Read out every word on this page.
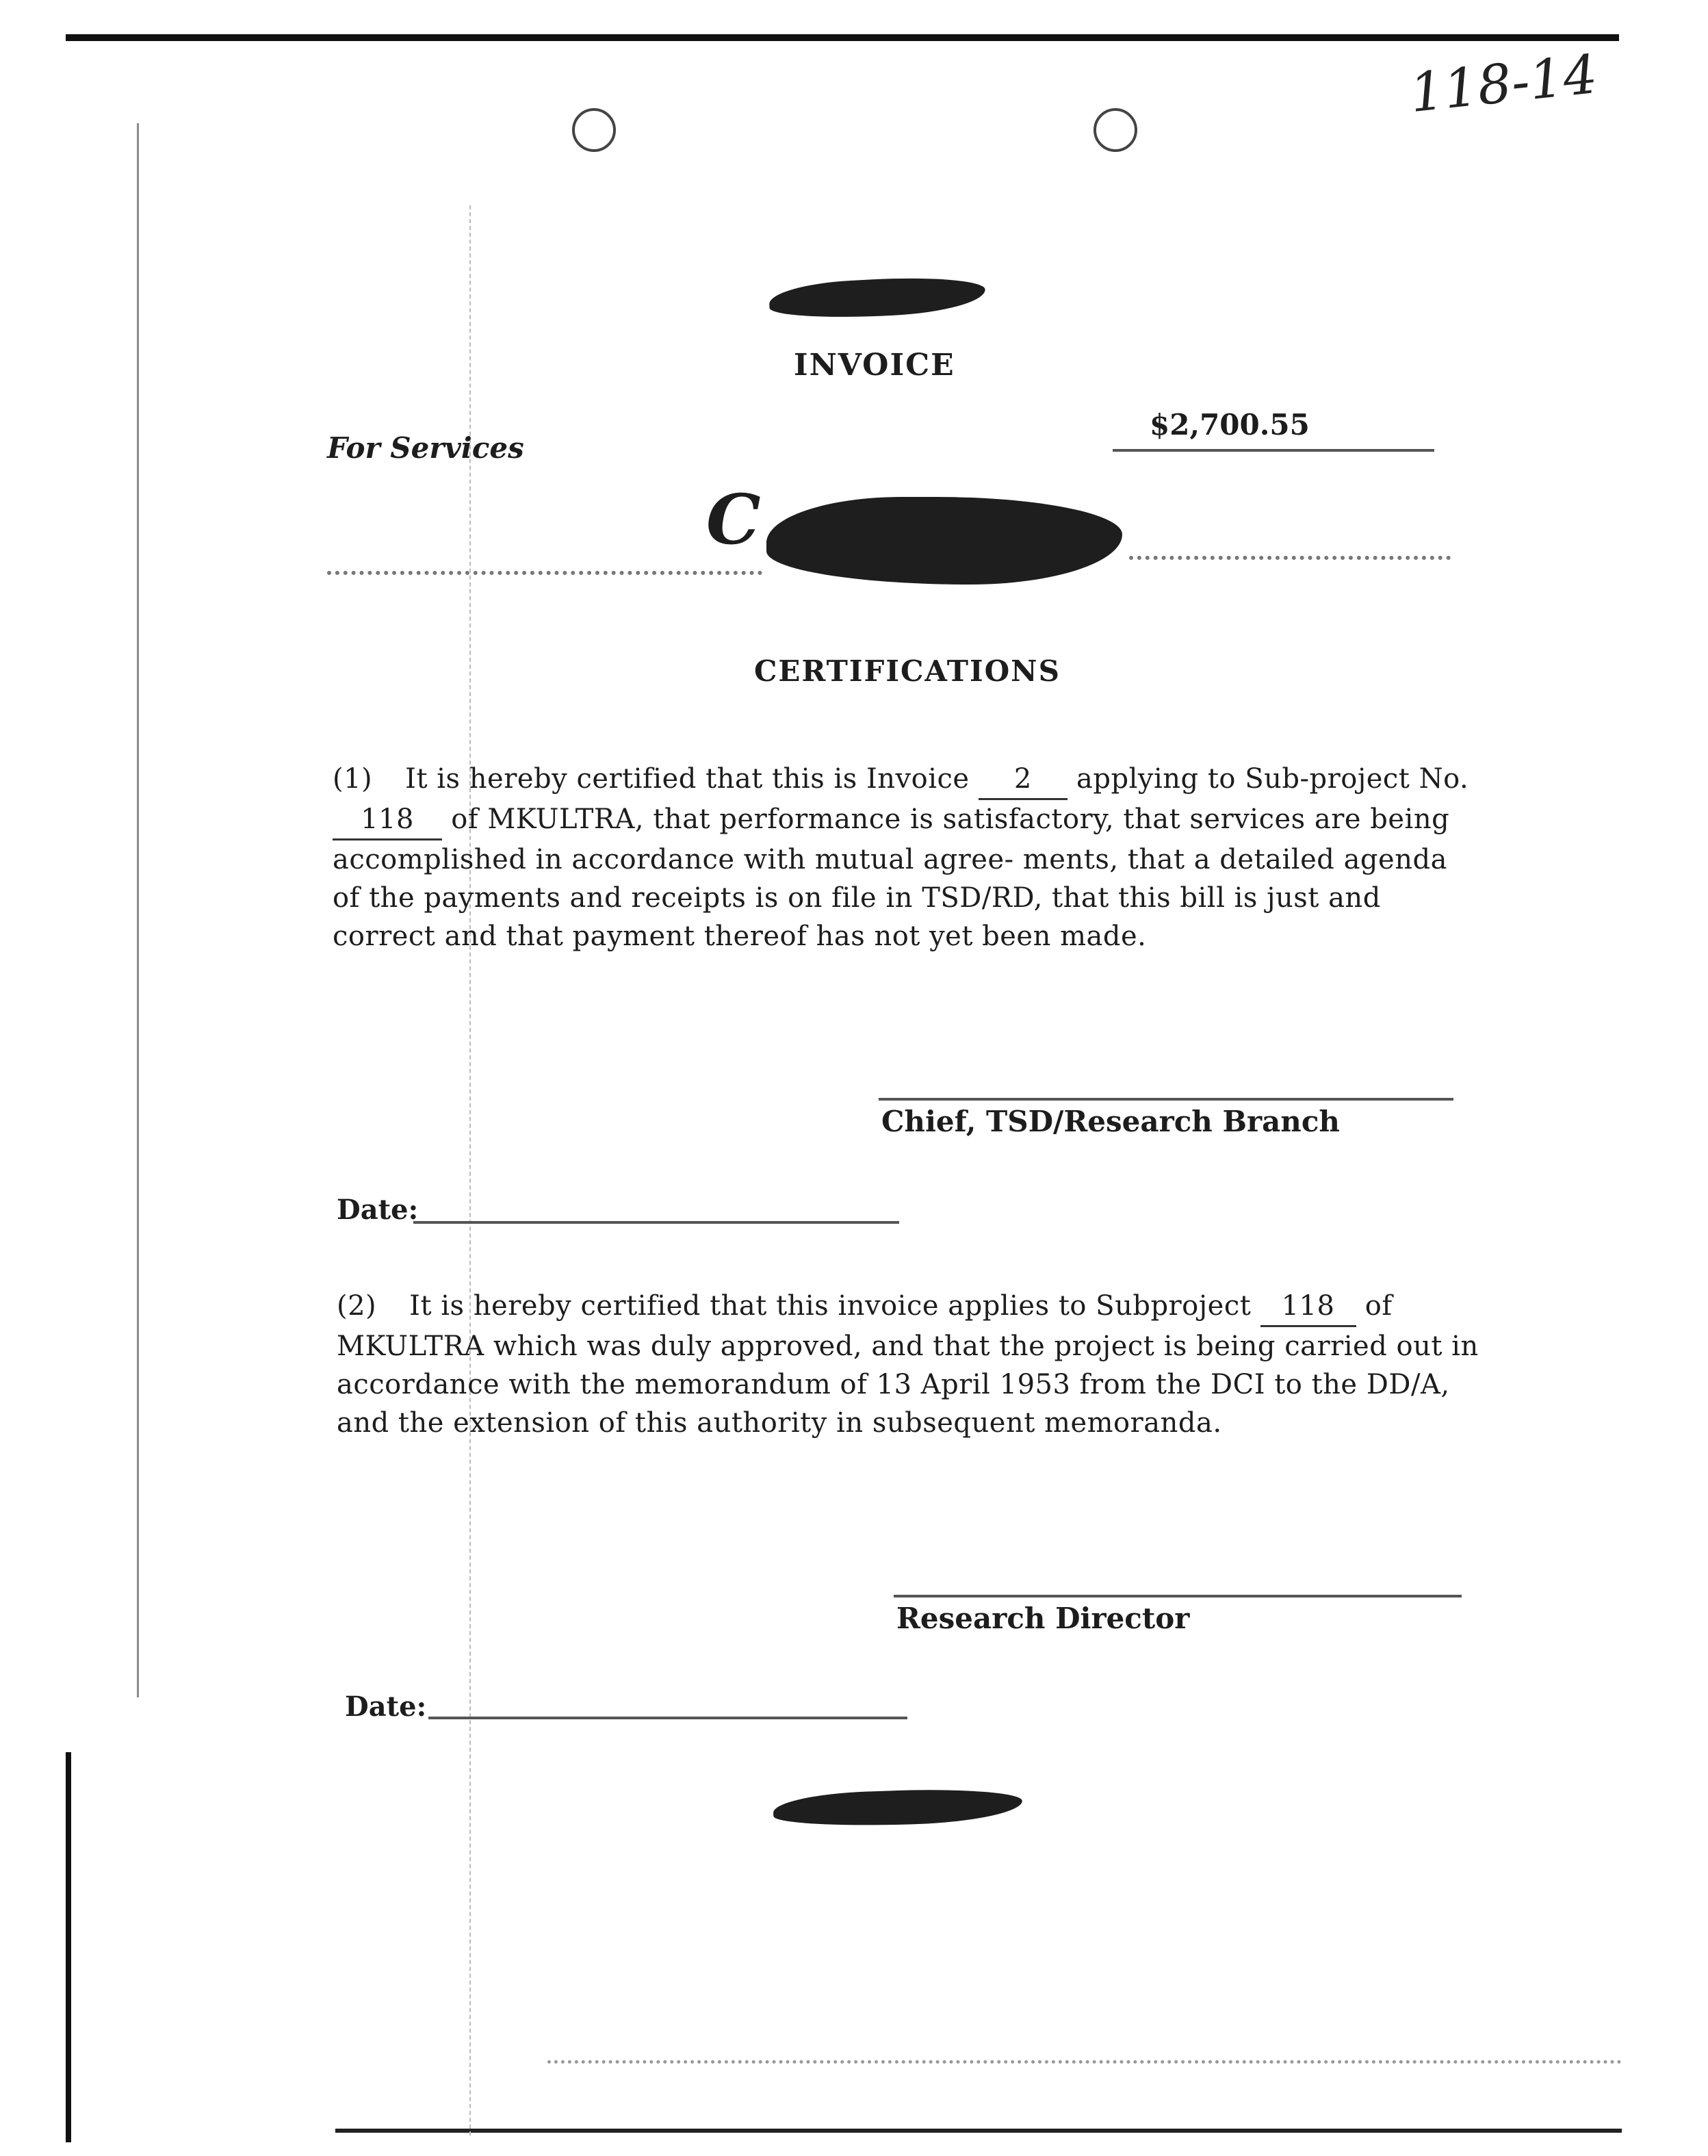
118-14
INVOICE
For Services
$2,700.55
C
CERTIFICATIONS
(1) It is hereby certified that this is Invoice 2 applying to Sub-project No. 118 of MKULTRA, that performance is satisfactory, that services are being accomplished in accordance with mutual agree- ments, that a detailed agenda of the payments and receipts is on file in TSD/RD, that this bill is just and correct and that payment thereof has not yet been made.
Chief, TSD/Research Branch
Date:
(2) It is hereby certified that this invoice applies to Subproject 118 of MKULTRA which was duly approved, and that the project is being carried out in accordance with the memorandum of 13 April 1953 from the DCI to the DD/A, and the extension of this authority in subsequent memoranda.
Research Director
Date:
